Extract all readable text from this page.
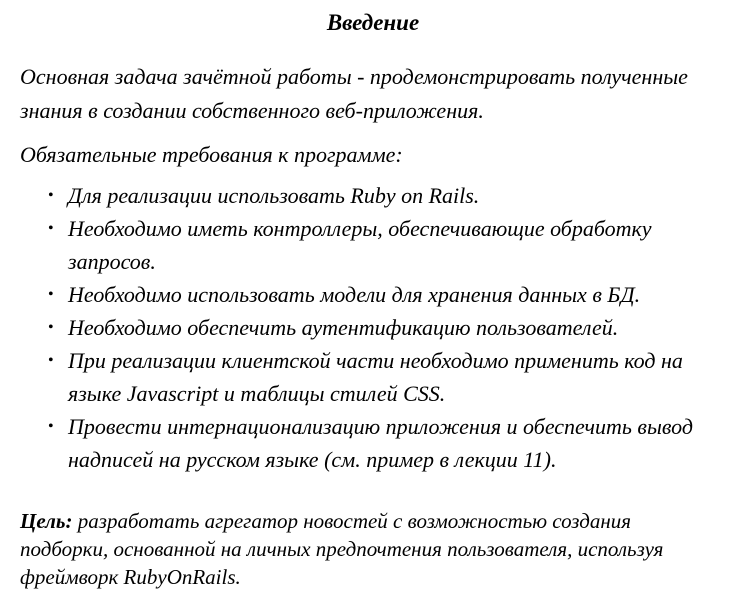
Введение

Основная задача зачётной работы - продемонстрировать полученные
знания в создании собственного веб-приложения.

Обязательные требования к программе:

• Для реализации использовать Ruby on Rails.
• Необходимо иметь контроллеры, обеспечивающие обработку
запросов.
• Необходимо использовать модели для хранения данных в БД.
• Необходимо обеспечить аутентификацию пользователей.
• При реализации клиентской части необходимо применить код на
языке Javascript и таблицы стилей CSS.
• Провести интернационализацию приложения и обеспечить вывод
надписей на русском языке (см. пример в лекции 11).

Цель: разработать агрегатор новостей с возможностью создания
подборки, основанной на личных предпочтения пользователя, используя
фреймворк RubyOnRails.
